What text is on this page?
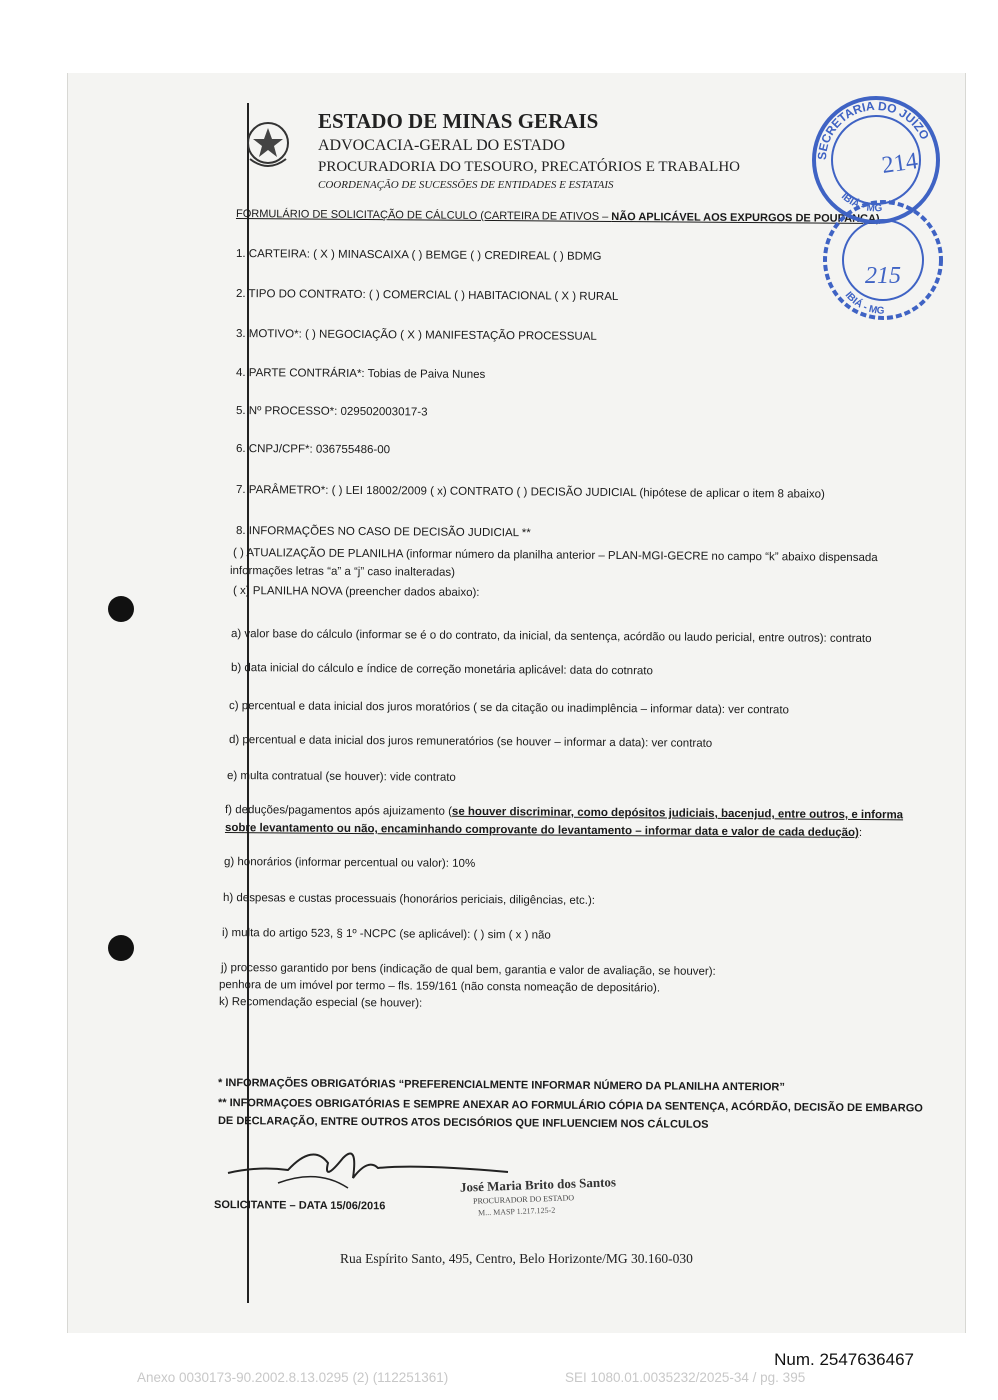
ESTADO DE MINAS GERAIS
ADVOCACIA-GERAL DO ESTADO
PROCURADORIA DO TESOURO, PRECATÓRIOS E TRABALHO
COORDENAÇÃO DE SUCESSÕES DE ENTIDADES E ESTATAIS
FORMULÁRIO DE SOLICITAÇÃO DE CÁLCULO (CARTEIRA DE ATIVOS – NÃO APLICÁVEL AOS EXPURGOS DE POUPANÇA)
1. CARTEIRA: ( X ) MINASCAIXA ( ) BEMGE ( ) CREDIREAL ( ) BDMG
2. TIPO DO CONTRATO: ( ) COMERCIAL ( ) HABITACIONAL ( X ) RURAL
3. MOTIVO*: ( ) NEGOCIAÇÃO ( X ) MANIFESTAÇÃO PROCESSUAL
4. PARTE CONTRÁRIA*: Tobias de Paiva Nunes
5. Nº PROCESSO*: 029502003017-3
6. CNPJ/CPF*: 036755486-00
7. PARÂMETRO*: ( ) LEI 18002/2009 ( x) CONTRATO ( ) DECISÃO JUDICIAL (hipótese de aplicar o item 8 abaixo)
8. INFORMAÇÕES NO CASO DE DECISÃO JUDICIAL **
( ) ATUALIZAÇÃO DE PLANILHA (informar número da planilha anterior – PLAN-MGI-GECRE no campo “k” abaixo dispensada
informações letras “a” a “j” caso inalteradas)
( x) PLANILHA NOVA (preencher dados abaixo):
a) valor base do cálculo (informar se é o do contrato, da inicial, da sentença, acórdão ou laudo pericial, entre outros): contrato
b) data inicial do cálculo e índice de correção monetária aplicável: data do cotnrato
c) percentual e data inicial dos juros moratórios ( se da citação ou inadimplência – informar data): ver contrato
d) percentual e data inicial dos juros remuneratórios (se houver – informar a data): ver contrato
e) multa contratual (se houver): vide contrato
f) deduções/pagamentos após ajuizamento (se houver discriminar, como depósitos judiciais, bacenjud, entre outros, e informa
sobre levantamento ou não, encaminhando comprovante do levantamento – informar data e valor de cada dedução):
g) honorários (informar percentual ou valor): 10%
h) despesas e custas processuais (honorários periciais, diligências, etc.):
i) multa do artigo 523, § 1º -NCPC (se aplicável): ( ) sim ( x ) não
j) processo garantido por bens (indicação de qual bem, garantia e valor de avaliação, se houver):
penhora de um imóvel por termo – fls. 159/161 (não consta nomeação de depositário).
k) Recomendação especial (se houver):
* INFORMAÇÕES OBRIGATÓRIAS “PREFERENCIALMENTE INFORMAR NÚMERO DA PLANILHA ANTERIOR”
** INFORMAÇOES OBRIGATÓRIAS E SEMPRE ANEXAR AO FORMULÁRIO CÓPIA DA SENTENÇA, ACÓRDÃO, DECISÃO DE EMBARGO
DE DECLARAÇÃO, ENTRE OUTROS ATOS DECISÓRIOS QUE INFLUENCIEM NOS CÁLCULOS
SOLICITANTE – DATA 15/06/2016
José Maria Brito dos Santos
PROCURADOR DO ESTADO
M... MASP 1.217.125-2
SECRETARIA DO JUÍZO
IBIÁ - MG
214
IBIÁ - MG
215
Rua Espírito Santo, 495, Centro, Belo Horizonte/MG 30.160-030
Num. 2547636467
Anexo 0030173-90.2002.8.13.0295 (2) (112251361)	SEI 1080.01.0035232/2025-34 / pg. 395
